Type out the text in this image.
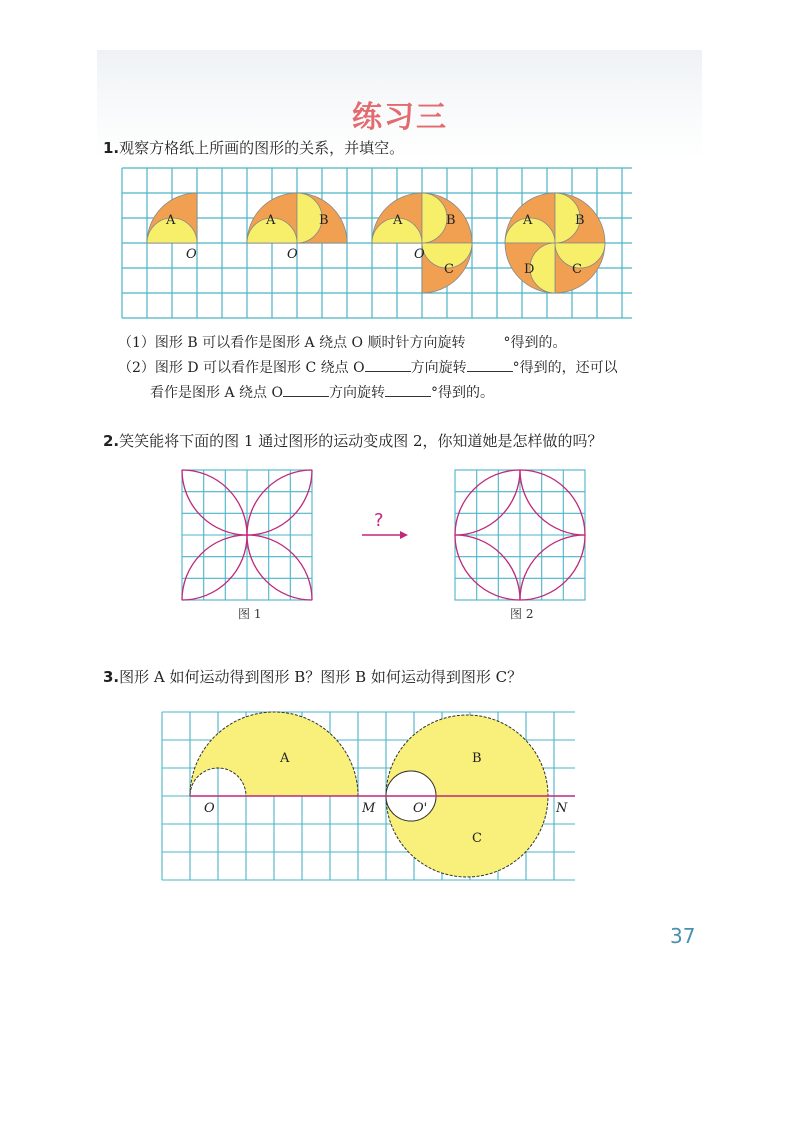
练习三
1.观察方格纸上所画的图形的关系，并填空。
A
O
A	B
O
A	B
C
O
A	B
C
D
图 1
?
图 2
A	B
C
O	M	O'	N
（1）图形 B 可以看作是图形 A 绕点 O 顺时针方向旋转	°得到的。
（2）图形 D 可以看作是图形 C 绕点 O	方向旋转	°得到的，还可以
看作是图形 A 绕点 O	方向旋转	°得到的。
2.笑笑能将下面的图 1 通过图形的运动变成图 2，你知道她是怎样做的吗？
3.图形 A 如何运动得到图形 B？图形 B 如何运动得到图形 C？
37
